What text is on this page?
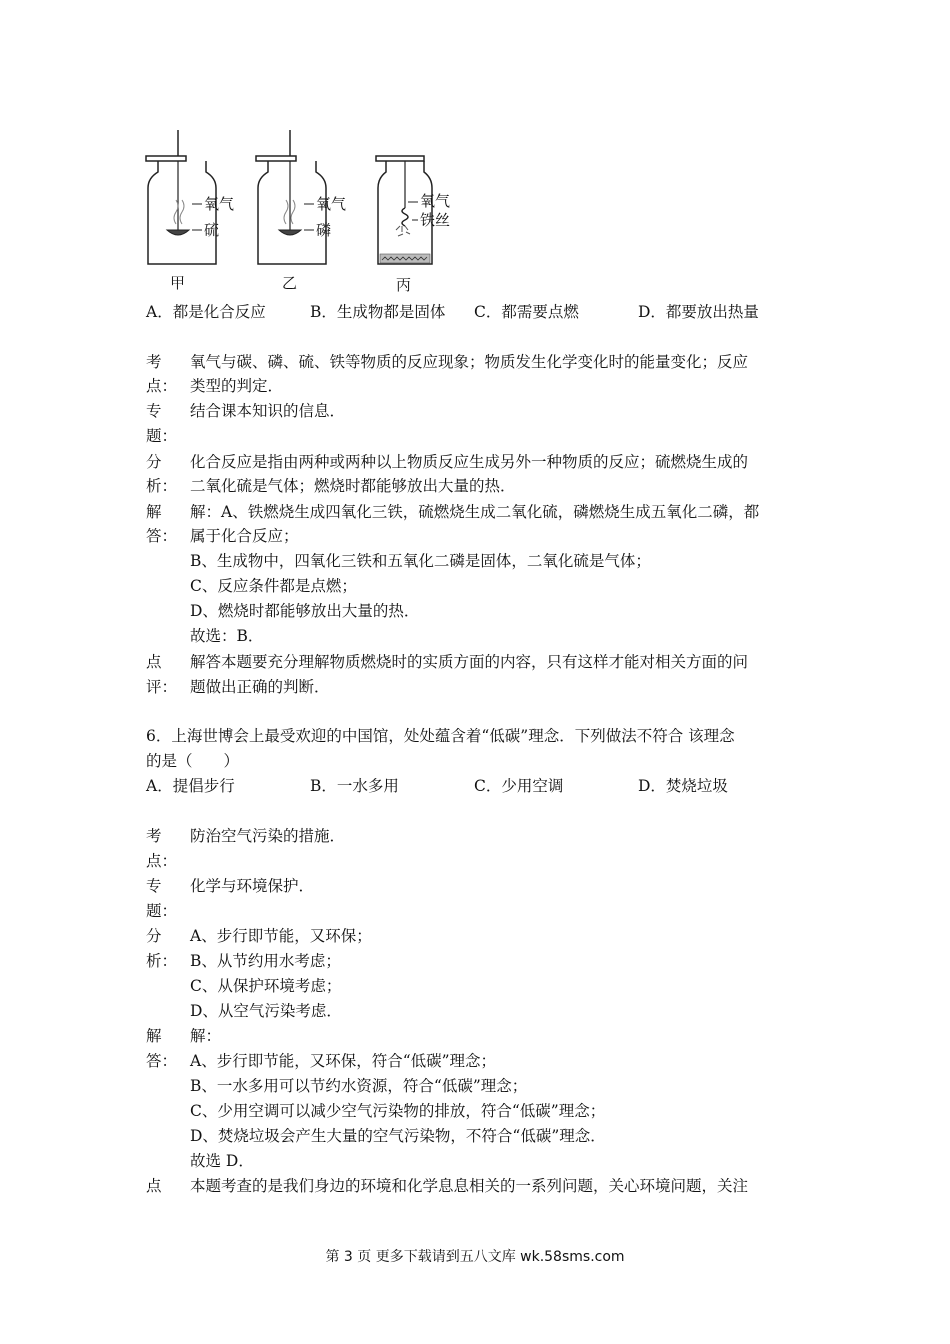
氧气
硫
甲
氧气
磷
乙
氧气
铁丝
丙
A．都是化合反应	B．生成物都是固体 C．都需要点燃	D．都要放出热量
考
点：
氧气与碳、磷、硫、铁等物质的反应现象；物质发生化学变化时的能量变化；反应
类型的判定．
专
题：
结合课本知识的信息．
分
析：
化合反应是指由两种或两种以上物质反应生成另外一种物质的反应；硫燃烧生成的
二氧化硫是气体；燃烧时都能够放出大量的热．
解
答：
解：A、铁燃烧生成四氧化三铁，硫燃烧生成二氧化硫，磷燃烧生成五氧化二磷，都
属于化合反应；
B、生成物中，四氧化三铁和五氧化二磷是固体，二氧化硫是气体；
C、反应条件都是点燃；
D、燃烧时都能够放出大量的热．
故选：B．
点
评：
解答本题要充分理解物质燃烧时的实质方面的内容，只有这样才能对相关方面的问
题做出正确的判断．
6．上海世博会上最受欢迎的中国馆，处处蕴含着“低碳”理念．下列做法不符合 该理念
的是（　　）
A．提倡步行	B．一水多用	C．少用空调	D．焚烧垃圾
考
点：
防治空气污染的措施．
专
题：
化学与环境保护．
分
析：
A、步行即节能，又环保；
B、从节约用水考虑；
C、从保护环境考虑；
D、从空气污染考虑．
解
答：
解：
A、步行即节能，又环保，符合“低碳”理念；
B、一水多用可以节约水资源，符合“低碳”理念；
C、少用空调可以减少空气污染物的排放，符合“低碳”理念；
D、焚烧垃圾会产生大量的空气污染物，不符合“低碳”理念．
故选 D．
点 本题考查的是我们身边的环境和化学息息相关的一系列问题，关心环境问题，关注
第 3 页 更多下载请到五八文库 wk.58sms.com
